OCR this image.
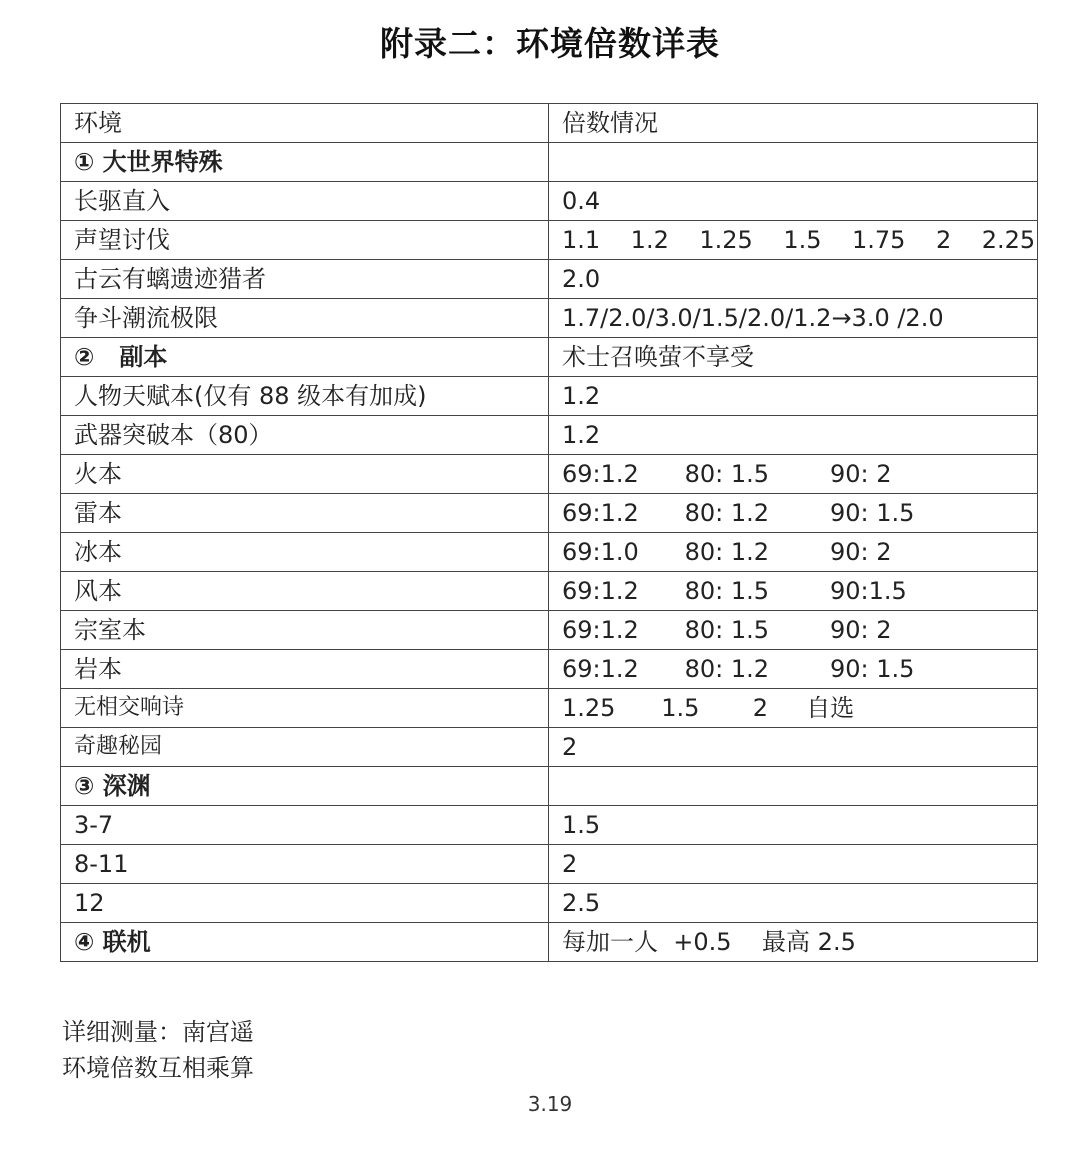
附录二：环境倍数详表
环境	倍数情况
① 大世界特殊	
长驱直入	0.4
声望讨伐	1.1    1.2    1.25    1.5    1.75    2    2.25
古云有螭遗迹猎者	2.0
争斗潮流极限	1.7/2.0/3.0/1.5/2.0/1.2→3.0 /2.0
②   副本	术士召唤萤不享受
人物天赋本(仅有 88 级本有加成)	1.2
武器突破本（80）	1.2
火本	69:1.2      80: 1.5        90: 2
雷本	69:1.2      80: 1.2        90: 1.5
冰本	69:1.0      80: 1.2        90: 2
风本	69:1.2      80: 1.5        90:1.5
宗室本	69:1.2      80: 1.5        90: 2
岩本	69:1.2      80: 1.2        90: 1.5
无相交响诗	1.25      1.5       2     自选
奇趣秘园	2
③ 深渊	
3-7	1.5
8-11	2
12	2.5
④ 联机	每加一人  +0.5    最高 2.5
详细测量：南宫遥
环境倍数互相乘算
3.19
